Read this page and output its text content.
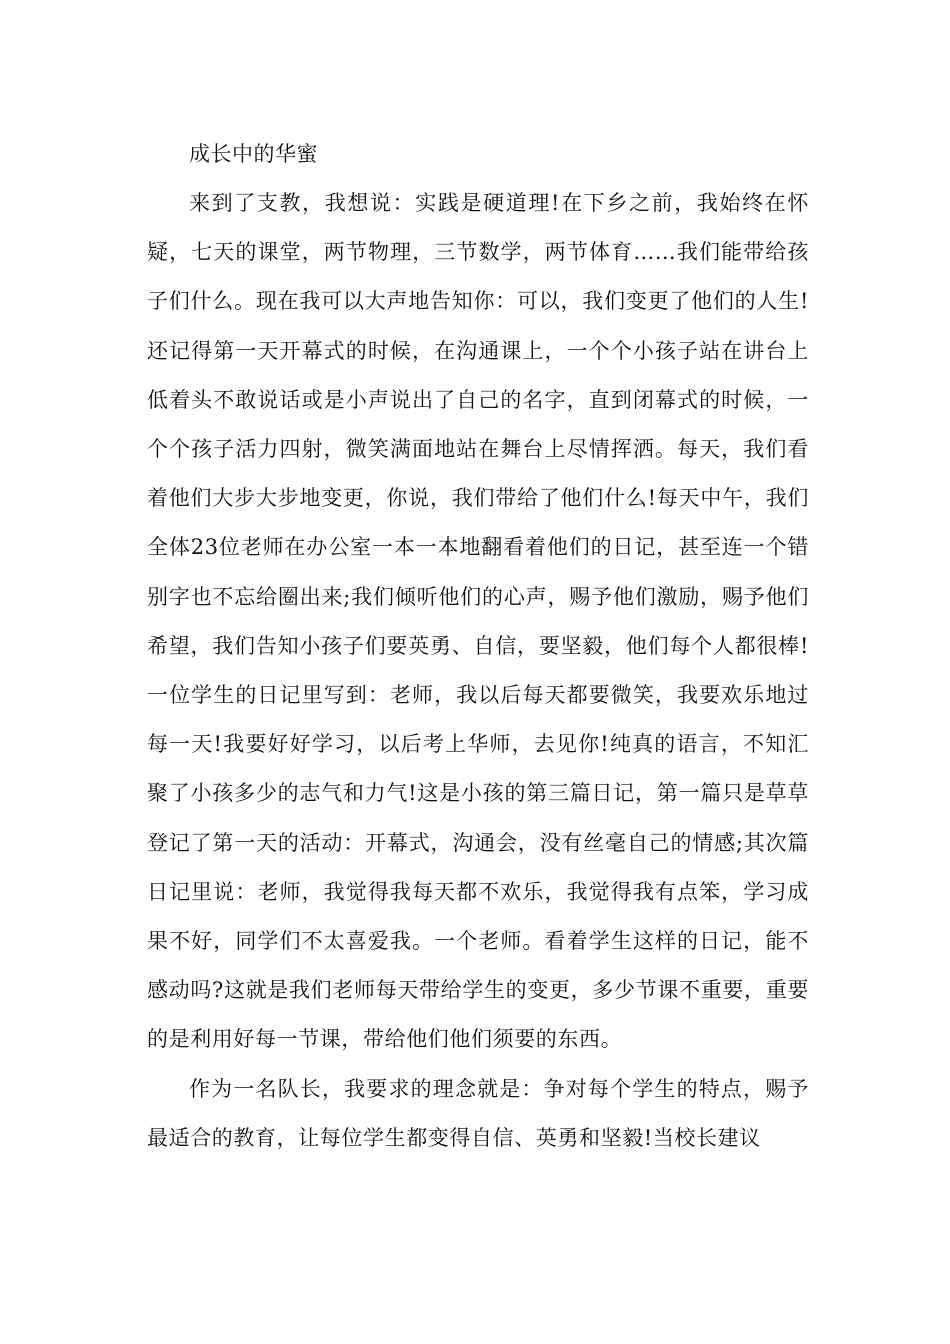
成长中的华蜜

来到了支教，我想说：实践是硬道理!在下乡之前，我始终在怀疑，七天的课堂，两节物理，三节数学，两节体育……我们能带给孩子们什么。现在我可以大声地告知你：可以，我们变更了他们的人生!还记得第一天开幕式的时候，在沟通课上，一个个小孩子站在讲台上低着头不敢说话或是小声说出了自己的名字，直到闭幕式的时候，一个个孩子活力四射，微笑满面地站在舞台上尽情挥洒。每天，我们看着他们大步大步地变更，你说，我们带给了他们什么!每天中午，我们全体23位老师在办公室一本一本地翻看着他们的日记，甚至连一个错别字也不忘给圈出来;我们倾听他们的心声，赐予他们激励，赐予他们希望，我们告知小孩子们要英勇、自信，要坚毅，他们每个人都很棒!一位学生的日记里写到：老师，我以后每天都要微笑，我要欢乐地过每一天!我要好好学习，以后考上华师，去见你!纯真的语言，不知汇聚了小孩多少的志气和力气!这是小孩的第三篇日记，第一篇只是草草登记了第一天的活动：开幕式，沟通会，没有丝毫自己的情感;其次篇日记里说：老师，我觉得我每天都不欢乐，我觉得我有点笨，学习成果不好，同学们不太喜爱我。一个老师。看着学生这样的日记，能不感动吗?这就是我们老师每天带给学生的变更，多少节课不重要，重要的是利用好每一节课，带给他们他们须要的东西。

作为一名队长，我要求的理念就是：争对每个学生的特点，赐予最适合的教育，让每位学生都变得自信、英勇和坚毅!当校长建议
